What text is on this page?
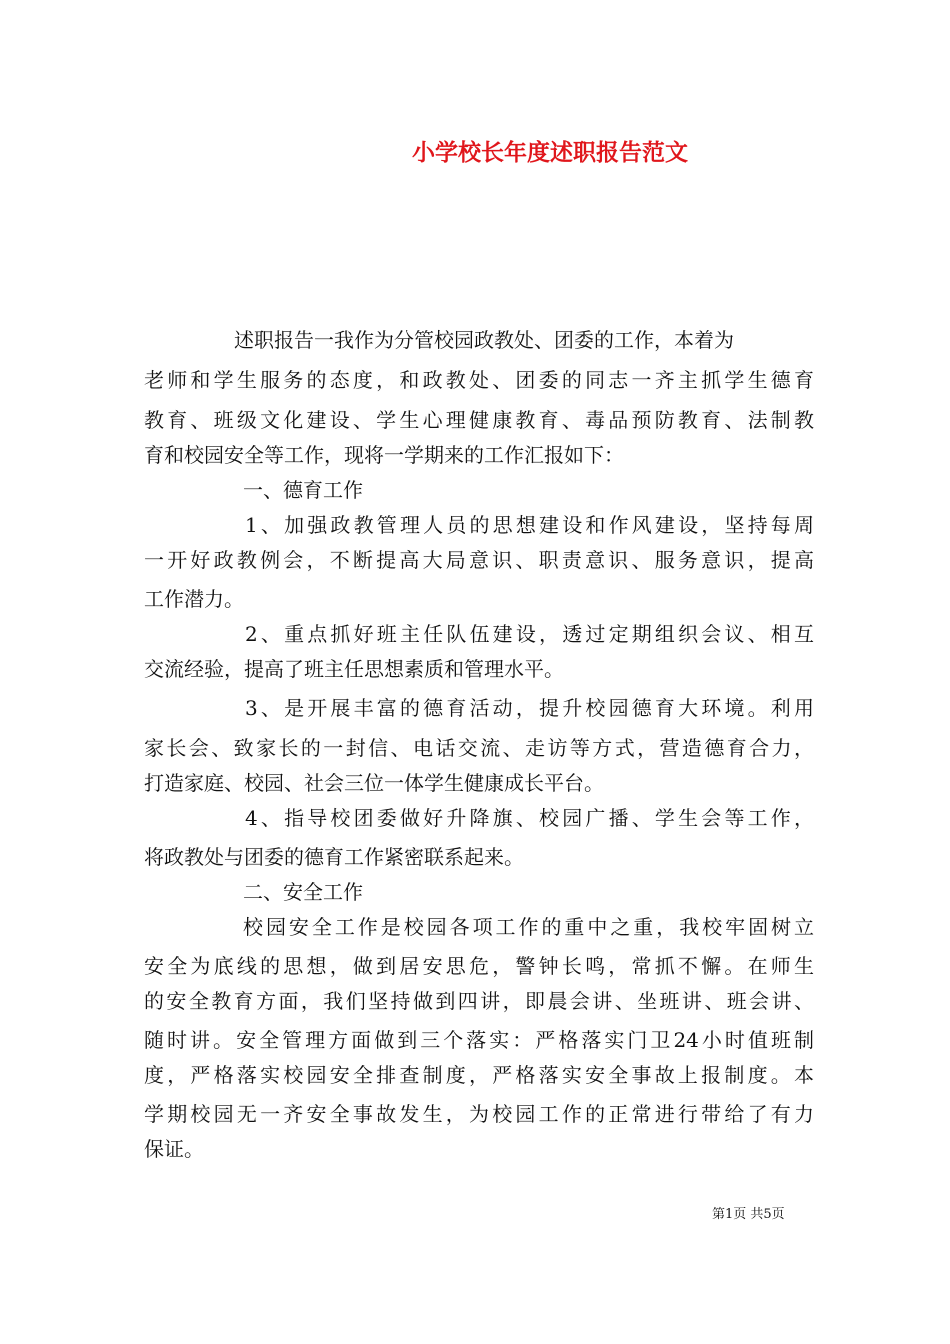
小学校长年度述职报告范文
述职报告一我作为分管校园政教处、团委的工作，本着为
老师和学生服务的态度，和政教处、团委的同志一齐主抓学生德育
教育、班级文化建设、学生心理健康教育、毒品预防教育、法制教
育和校园安全等工作，现将一学期来的工作汇报如下：
一、德育工作
1、加强政教管理人员的思想建设和作风建设，坚持每周
一开好政教例会，不断提高大局意识、职责意识、服务意识，提高
工作潜力。
2、重点抓好班主任队伍建设，透过定期组织会议、相互
交流经验，提高了班主任思想素质和管理水平。
3、是开展丰富的德育活动，提升校园德育大环境。利用
家长会、致家长的一封信、电话交流、走访等方式，营造德育合力，
打造家庭、校园、社会三位一体学生健康成长平台。
4、指导校团委做好升降旗、校园广播、学生会等工作，
将政教处与团委的德育工作紧密联系起来。
二、安全工作
校园安全工作是校园各项工作的重中之重，我校牢固树立
安全为底线的思想，做到居安思危，警钟长鸣，常抓不懈。在师生
的安全教育方面，我们坚持做到四讲，即晨会讲、坐班讲、班会讲、
随时讲。安全管理方面做到三个落实：严格落实门卫24小时值班制
度，严格落实校园安全排查制度，严格落实安全事故上报制度。本
学期校园无一齐安全事故发生，为校园工作的正常进行带给了有力
保证。
第1页 共5页
